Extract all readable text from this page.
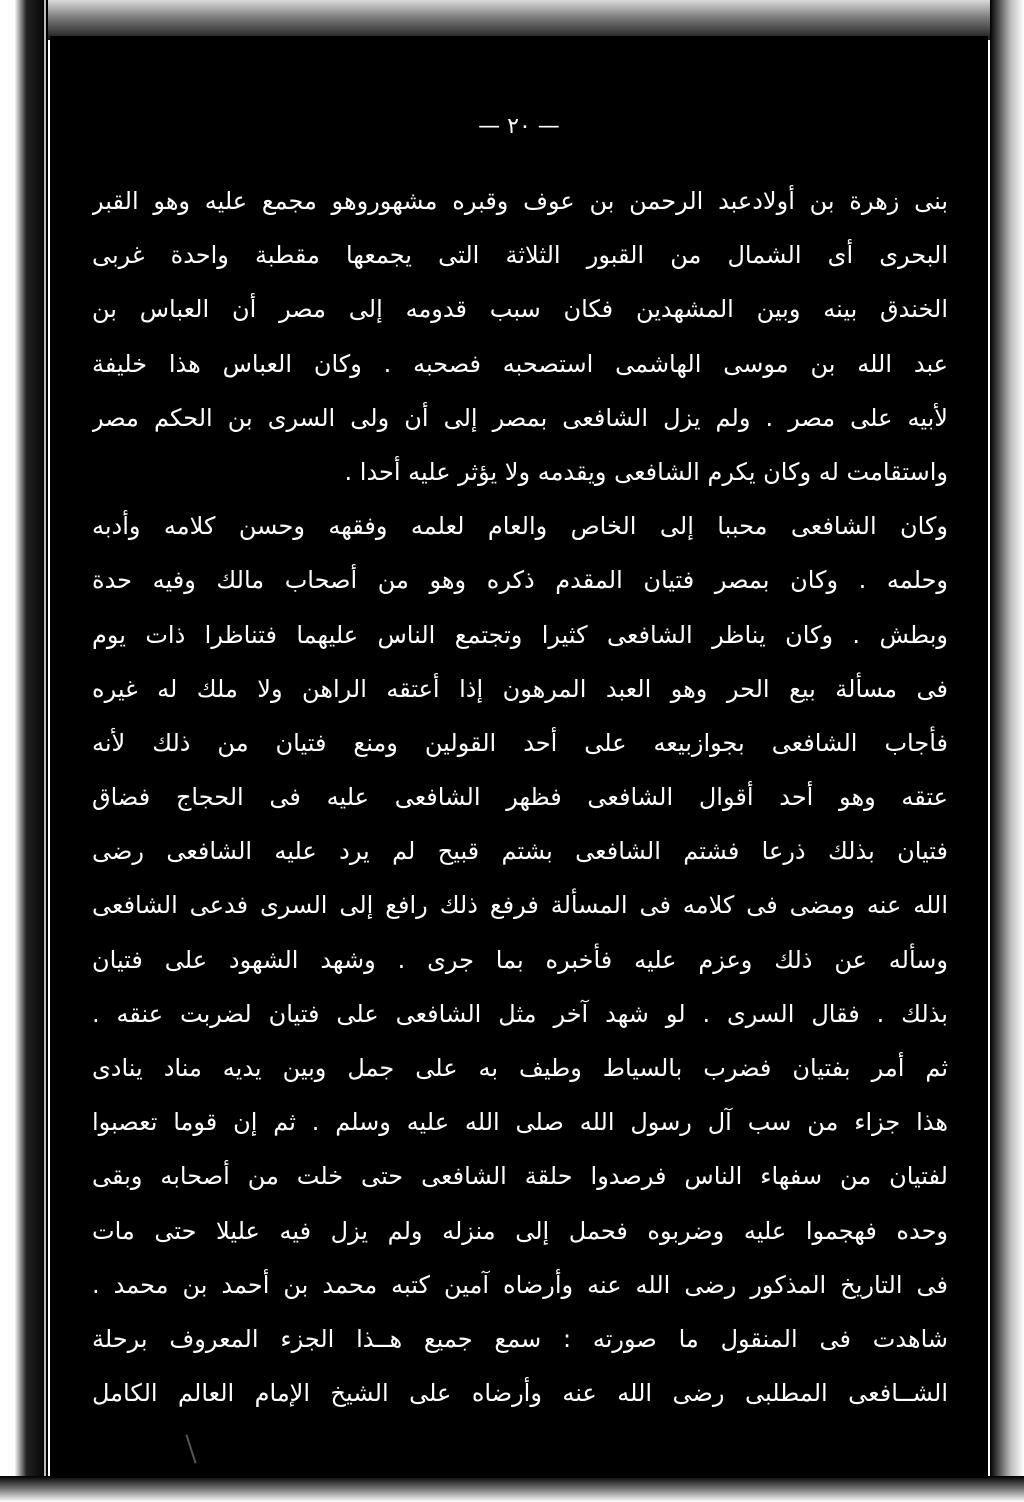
— ٢٠ —
بنى زهرة بن أولادعبد الرحمن بن عوف وقبره مشهوروهو مجمع عليه وهو القبر
البحرى أى الشمال من القبور الثلاثة التى يجمعها مقطبة واحدة غربى
الخندق بينه وبين المشهدين فكان سبب قدومه إلى مصر أن العباس بن
عبد الله بن موسى الهاشمى استصحبه فصحبه . وكان العباس هذا خليفة
لأبيه على مصر . ولم يزل الشافعى بمصر إلى أن ولى السرى بن الحكم مصر
واستقامت له وكان يكرم الشافعى ويقدمه ولا يؤثر عليه أحدا .
وكان الشافعى محببا إلى الخاص والعام لعلمه وفقهه وحسن كلامه وأدبه
وحلمه . وكان بمصر فتيان المقدم ذكره وهو من أصحاب مالك وفيه حدة
وبطش . وكان يناظر الشافعى كثيرا وتجتمع الناس عليهما فتناظرا ذات يوم
فى مسألة بيع الحر وهو العبد المرهون إذا أعتقه الراهن ولا ملك له غيره
فأجاب الشافعى بجوازبيعه على أحد القولين ومنع فتيان من ذلك لأنه
عتقه وهو أحد أقوال الشافعى فظهر الشافعى عليه فى الحجاج فضاق
فتيان بذلك ذرعا فشتم الشافعى بشتم قبيح لم يرد عليه الشافعى رضى
الله عنه ومضى فى كلامه فى المسألة فرفع ذلك رافع إلى السرى فدعى الشافعى
وسأله عن ذلك وعزم عليه فأخبره بما جرى . وشهد الشهود على فتيان
بذلك . فقال السرى . لو شهد آخر مثل الشافعى على فتيان لضربت عنقه .
ثم أمر بفتيان فضرب بالسياط وطيف به على جمل وبين يديه مناد ينادى
هذا جزاء من سب آل رسول الله صلى الله عليه وسلم . ثم إن قوما تعصبوا
لفتيان من سفهاء الناس فرصدوا حلقة الشافعى حتى خلت من أصحابه وبقى
وحده فهجموا عليه وضربوه فحمل إلى منزله ولم يزل فيه عليلا حتى مات
فى التاريخ المذكور رضى الله عنه وأرضاه آمين كتبه محمد بن أحمد بن محمد .
شاهدت فى المنقول ما صورته : سمع جميع هــذا الجزء المعروف برحلة
الشــافعى المطلبى رضى الله عنه وأرضاه على الشيخ الإمام العالم الكامل
